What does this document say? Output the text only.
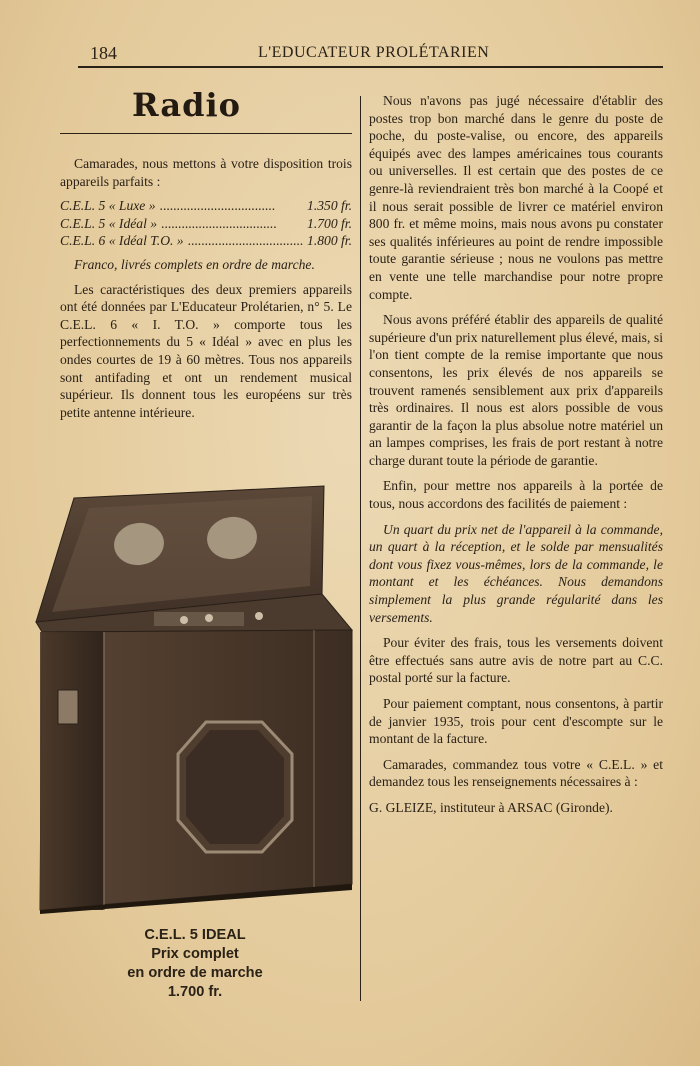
184	L'EDUCATEUR PROLÉTARIEN
Radio

Camarades, nous mettons à votre disposition trois appareils parfaits :

C.E.L. 5 « Luxe » ..................................	1.350 fr.
C.E.L. 5 « Idéal » ..................................	1.700 fr.
C.E.L. 6 « Idéal T.O. » .................................. 1.800 fr.

Franco, livrés complets en ordre de marche.

Les caractéristiques des deux premiers appareils ont été données par L'Educateur Prolétarien, n° 5. Le C.E.L. 6 « I. T.O. » comporte tous les perfectionnements du 5 « Idéal » avec en plus les ondes courtes de 19 à 60 mètres. Tous nos appareils sont antifading et ont un rendement musical supérieur. Ils donnent tous les européens sur très petite antenne intérieure.

C.E.L. 5 IDEAL
Prix complet
en ordre de marche
1.700 fr.

Nous n'avons pas jugé nécessaire d'établir des postes trop bon marché dans le genre du poste de poche, du poste-valise, ou encore, des appareils équipés avec des lampes américaines tous courants ou universelles. Il est certain que des postes de ce genre-là reviendraient très bon marché à la Coopé et il nous serait possible de livrer ce matériel environ 800 fr. et même moins, mais nous avons pu constater ses qualités inférieures au point de rendre impossible toute garantie sérieuse ; nous ne voulons pas mettre en vente une telle marchandise pour notre propre compte.

Nous avons préféré établir des appareils de qualité supérieure d'un prix naturellement plus élevé, mais, si l'on tient compte de la remise importante que nous consentons, les prix élevés de nos appareils se trouvent ramenés sensiblement aux prix d'appareils très ordinaires. Il nous est alors possible de vous garantir de la façon la plus absolue notre matériel un an lampes comprises, les frais de port restant à notre charge durant toute la période de garantie.

Enfin, pour mettre nos appareils à la portée de tous, nous accordons des facilités de paiement :

Un quart du prix net de l'appareil à la commande, un quart à la réception, et le solde par mensualités dont vous fixez vous-mêmes, lors de la commande, le montant et les échéances. Nous demandons simplement la plus grande régularité dans les versements.

Pour éviter des frais, tous les versements doivent être effectués sans autre avis de notre part au C.C. postal porté sur la facture.

Pour paiement comptant, nous consentons, à partir de janvier 1935, trois pour cent d'escompte sur le montant de la facture.

Camarades, commandez tous votre « C.E.L. » et demandez tous les renseignements nécessaires à :

G. GLEIZE, instituteur à ARSAC (Gironde).
